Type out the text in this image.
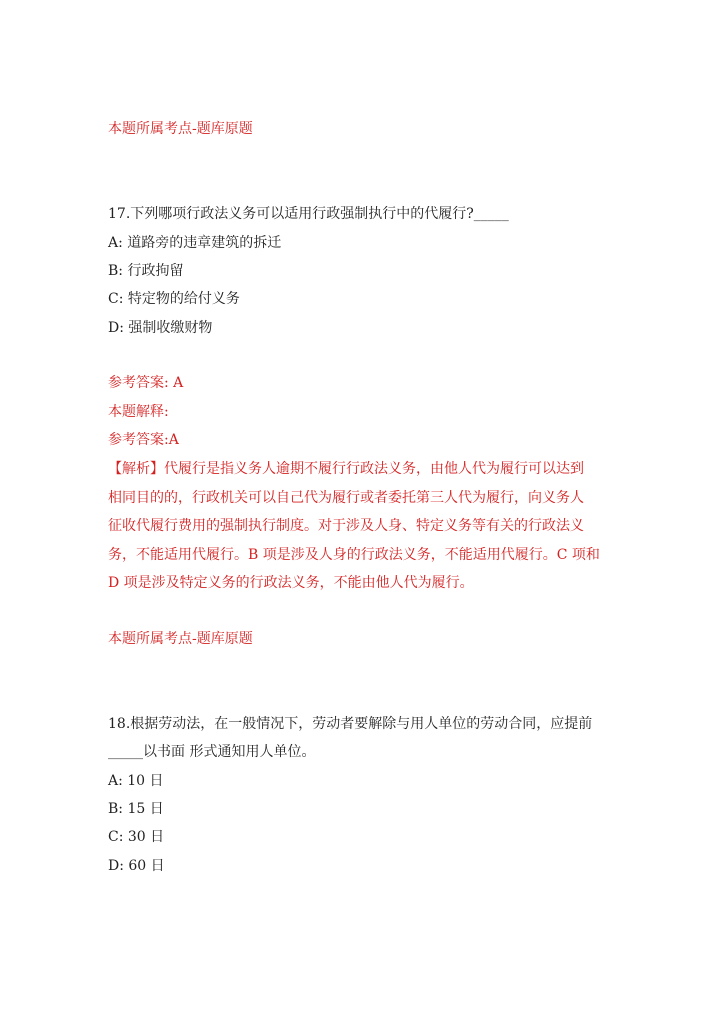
本题所属考点-题库原题
17.下列哪项行政法义务可以适用行政强制执行中的代履行?_____
A: 道路旁的违章建筑的拆迁
B: 行政拘留
C: 特定物的给付义务
D: 强制收缴财物
参考答案: A
本题解释:
参考答案:A
【解析】代履行是指义务人逾期不履行行政法义务，由他人代为履行可以达到
相同目的的，行政机关可以自己代为履行或者委托第三人代为履行，向义务人
征收代履行费用的强制执行制度。对于涉及人身、特定义务等有关的行政法义
务，不能适用代履行。B 项是涉及人身的行政法义务，不能适用代履行。C 项和
D 项是涉及特定义务的行政法义务，不能由他人代为履行。
本题所属考点-题库原题
18.根据劳动法，在一般情况下，劳动者要解除与用人单位的劳动合同，应提前
_____以书面 形式通知用人单位。
A: 10 日
B: 15 日
C: 30 日
D: 60 日
